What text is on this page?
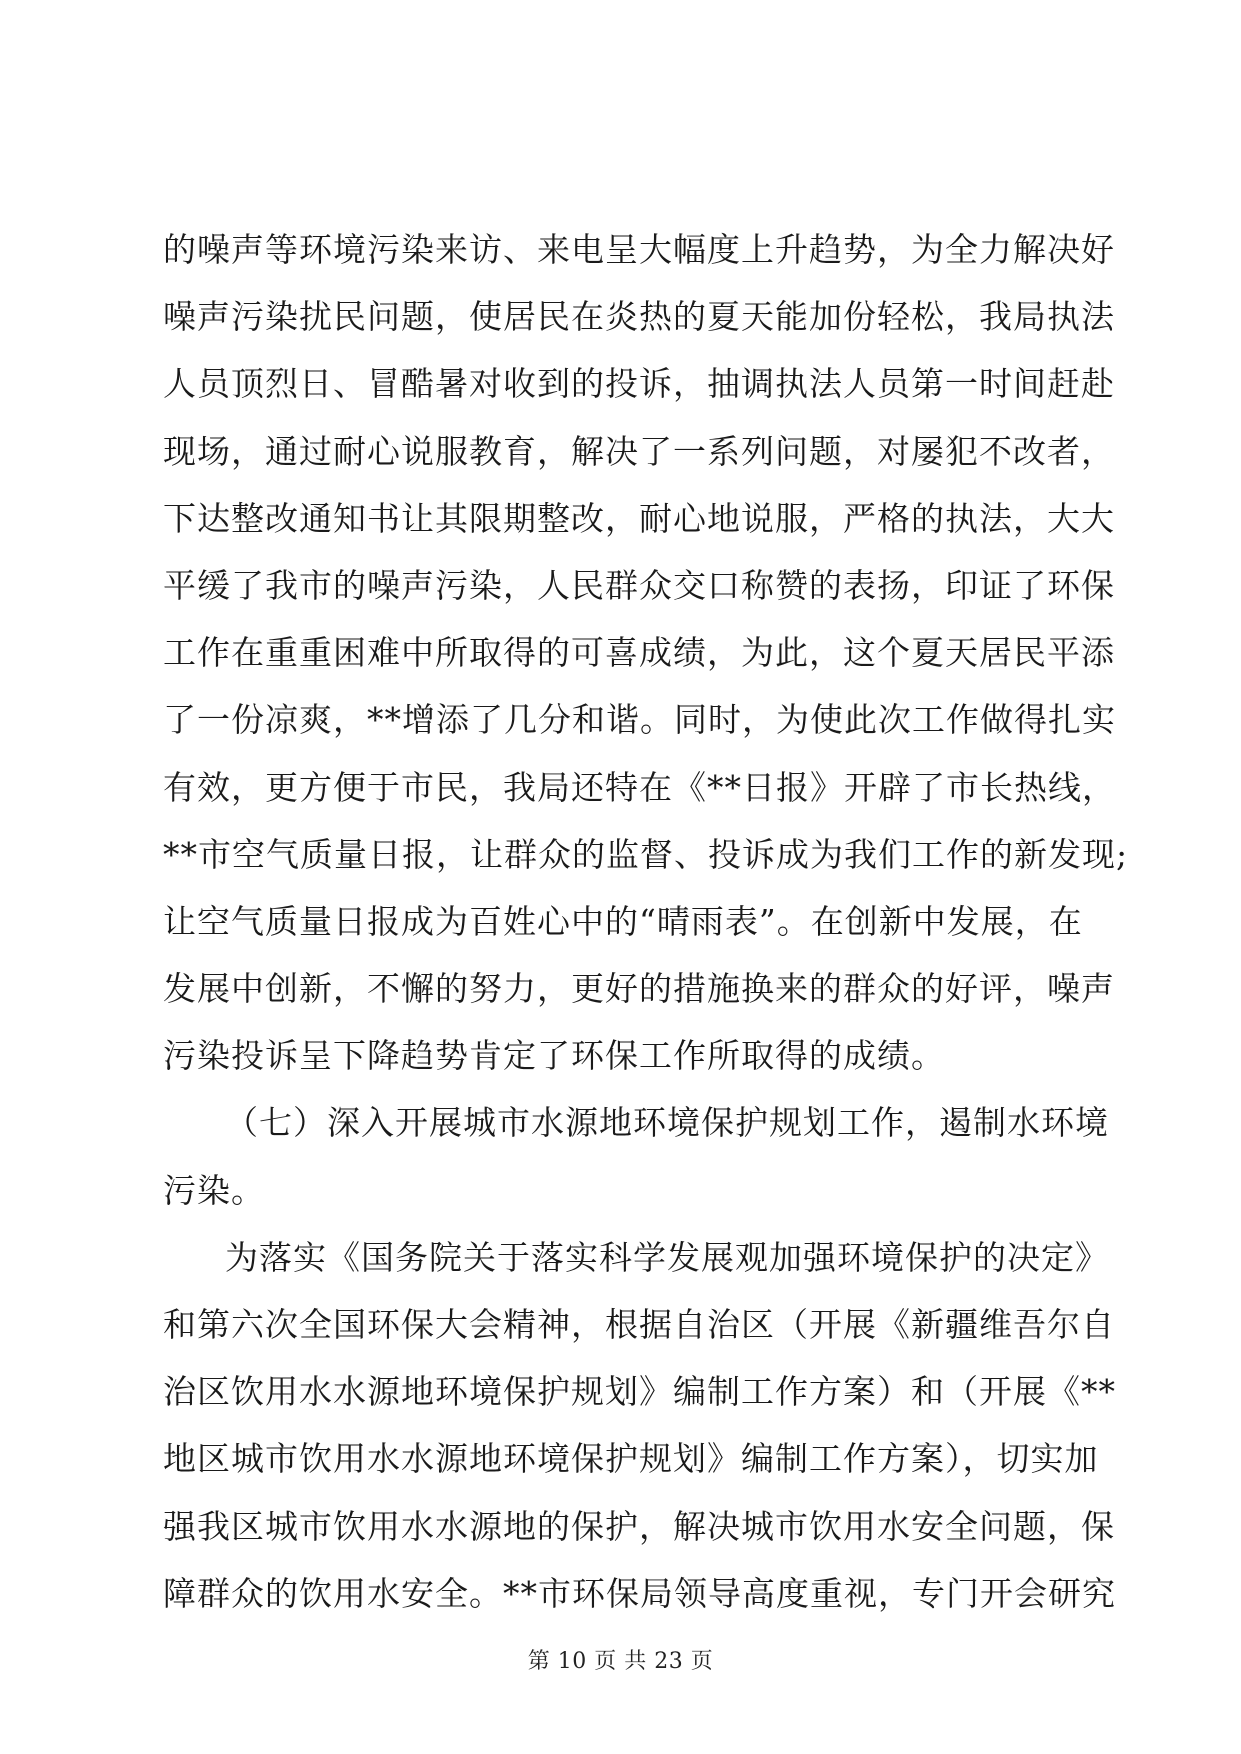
的噪声等环境污染来访、来电呈大幅度上升趋势，为全力解决好
噪声污染扰民问题，使居民在炎热的夏天能加份轻松，我局执法
人员顶烈日、冒酷暑对收到的投诉，抽调执法人员第一时间赶赴
现场，通过耐心说服教育，解决了一系列问题，对屡犯不改者，
下达整改通知书让其限期整改，耐心地说服，严格的执法，大大
平缓了我市的噪声污染，人民群众交口称赞的表扬，印证了环保
工作在重重困难中所取得的可喜成绩，为此，这个夏天居民平添
了一份凉爽，**增添了几分和谐。同时，为使此次工作做得扎实
有效，更方便于市民，我局还特在《**日报》开辟了市长热线，
**市空气质量日报，让群众的监督、投诉成为我们工作的新发现;
让空气质量日报成为百姓心中的“晴雨表”。在创新中发展，在
发展中创新，不懈的努力，更好的措施换来的群众的好评，噪声
污染投诉呈下降趋势肯定了环保工作所取得的成绩。
（七）深入开展城市水源地环境保护规划工作，遏制水环境
污染。
为落实《国务院关于落实科学发展观加强环境保护的决定》
和第六次全国环保大会精神，根据自治区（开展《新疆维吾尔自
治区饮用水水源地环境保护规划》编制工作方案）和（开展《**
地区城市饮用水水源地环境保护规划》编制工作方案），切实加
强我区城市饮用水水源地的保护，解决城市饮用水安全问题，保
障群众的饮用水安全。**市环保局领导高度重视，专门开会研究
第 10 页 共 23 页
